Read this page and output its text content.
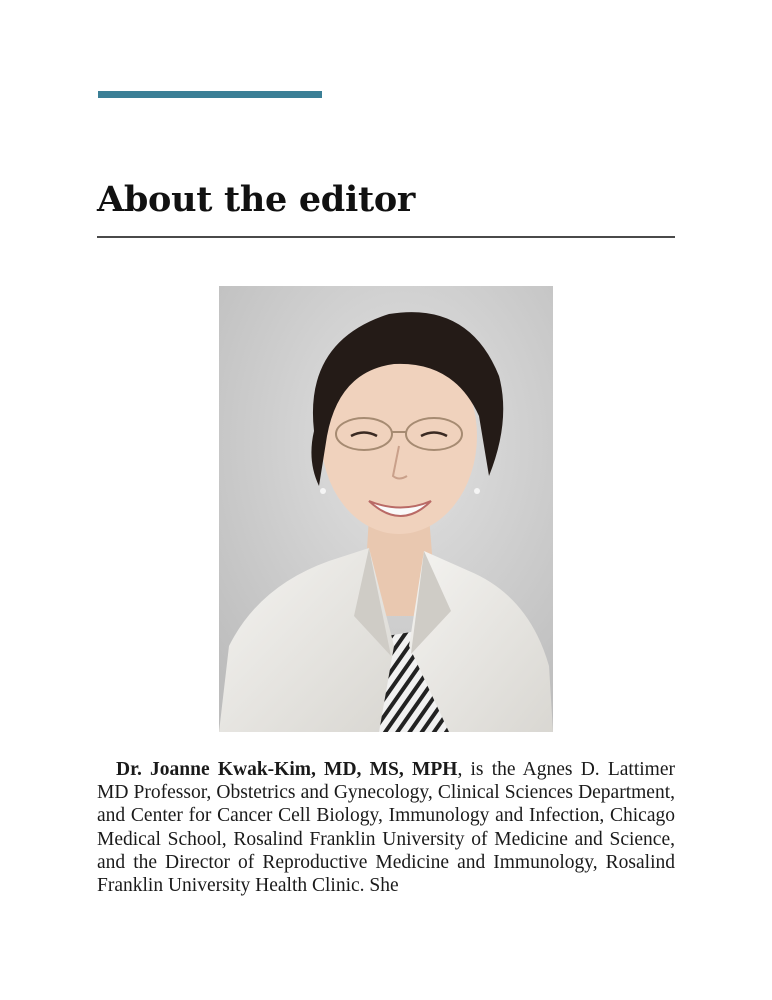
About the editor

Dr. Joanne Kwak-Kim, MD, MS, MPH, is the Agnes D. Lattimer MD Professor, Obstetrics and Gynecology, Clinical Sciences Department, and Center for Cancer Cell Biology, Immunology and Infection, Chicago Medical School, Rosalind Franklin University of Medicine and Science, and the Director of Reproductive Medicine and Immunology, Rosalind Franklin University Health Clinic. She
